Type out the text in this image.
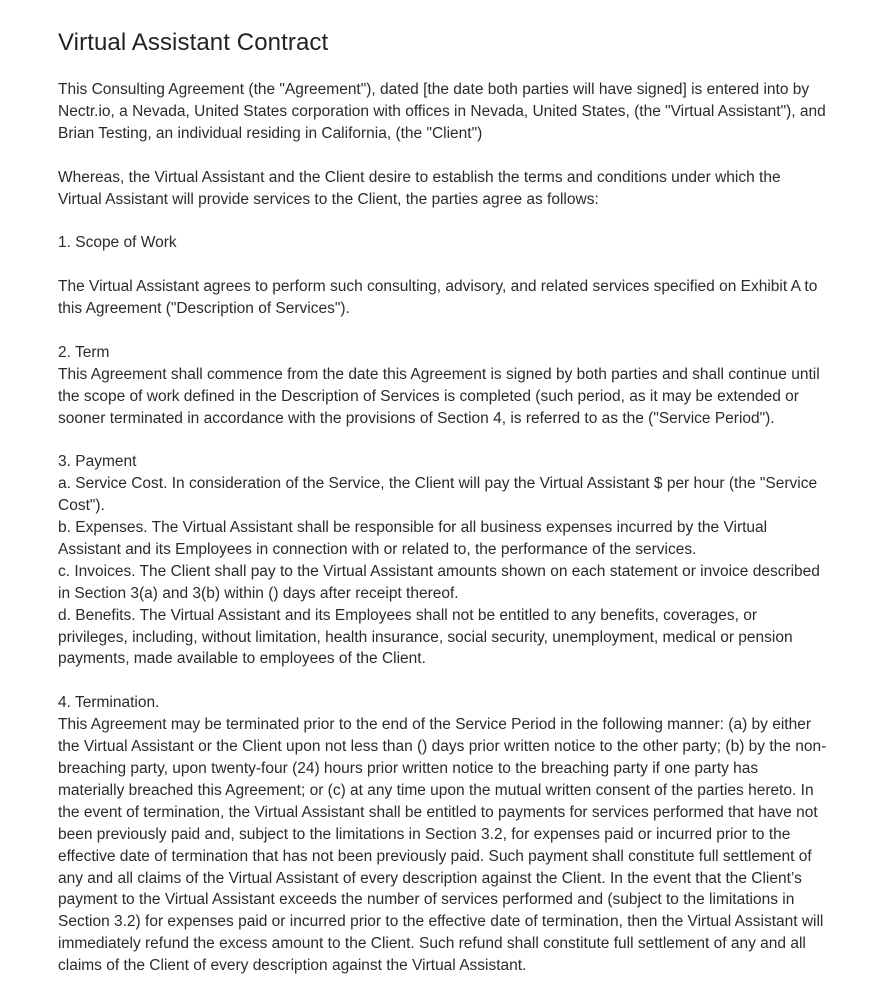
Virtual Assistant Contract

This Consulting Agreement (the "Agreement"), dated [the date both parties will have signed] is entered into by Nectr.io, a Nevada, United States corporation with offices in Nevada, United States, (the "Virtual Assistant"), and Brian Testing, an individual residing in California, (the "Client")

Whereas, the Virtual Assistant and the Client desire to establish the terms and conditions under which the Virtual Assistant will provide services to the Client, the parties agree as follows:

1. Scope of Work

The Virtual Assistant agrees to perform such consulting, advisory, and related services specified on Exhibit A to this Agreement ("Description of Services").

2. Term
This Agreement shall commence from the date this Agreement is signed by both parties and shall continue until the scope of work defined in the Description of Services is completed (such period, as it may be extended or sooner terminated in accordance with the provisions of Section 4, is referred to as the ("Service Period").
3. Payment
a. Service Cost. In consideration of the Service, the Client will pay the Virtual Assistant $ per hour (the "Service Cost").
b. Expenses. The Virtual Assistant shall be responsible for all business expenses incurred by the Virtual Assistant and its Employees in connection with or related to, the performance of the services.
c. Invoices. The Client shall pay to the Virtual Assistant amounts shown on each statement or invoice described in Section 3(a) and 3(b) within () days after receipt thereof.
d. Benefits. The Virtual Assistant and its Employees shall not be entitled to any benefits, coverages, or privileges, including, without limitation, health insurance, social security, unemployment, medical or pension payments, made available to employees of the Client.
4. Termination.
This Agreement may be terminated prior to the end of the Service Period in the following manner: (a) by either the Virtual Assistant or the Client upon not less than () days prior written notice to the other party; (b) by the non-breaching party, upon twenty-four (24) hours prior written notice to the breaching party if one party has materially breached this Agreement; or (c) at any time upon the mutual written consent of the parties hereto. In the event of termination, the Virtual Assistant shall be entitled to payments for services performed that have not been previously paid and, subject to the limitations in Section 3.2, for expenses paid or incurred prior to the effective date of termination that has not been previously paid. Such payment shall constitute full settlement of any and all claims of the Virtual Assistant of every description against the Client. In the event that the Client’s payment to the Virtual Assistant exceeds the number of services performed and (subject to the limitations in Section 3.2) for expenses paid or incurred prior to the effective date of termination, then the Virtual Assistant will immediately refund the excess amount to the Client. Such refund shall constitute full settlement of any and all claims of the Client of every description against the Virtual Assistant.
